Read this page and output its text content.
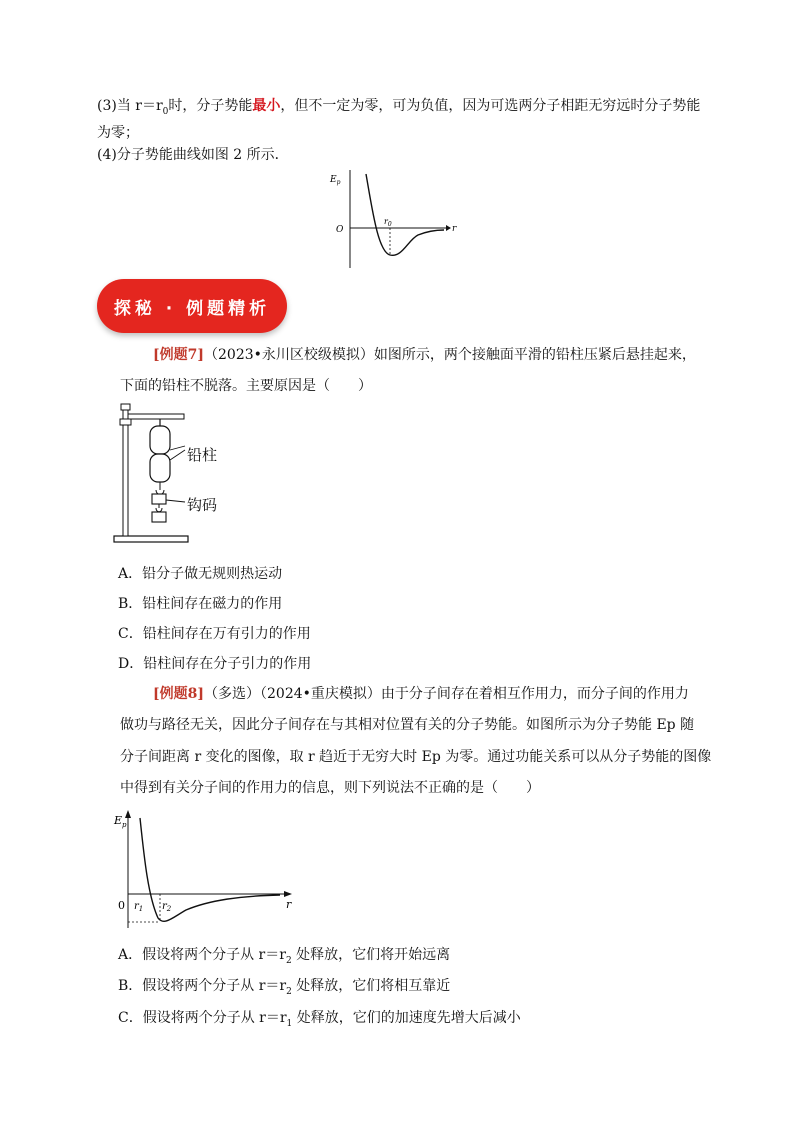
(3)当 $r=r_0$时，分子势能最小，但不一定为零，可为负值，因为可选两分子相距无穷远时分子势能
为零；
(4)分子势能曲线如图 2 所示．
$E_p$
O
$r_0$	r
探秘 · 例题精析
[例题7]（2023•永川区校级模拟）如图所示，两个接触面平滑的铅柱压紧后悬挂起来，
下面的铅柱不脱落。主要原因是（　　）
铅柱
钩码
A．铅分子做无规则热运动
B．铅柱间存在磁力的作用
C．铅柱间存在万有引力的作用
D．铅柱间存在分子引力的作用
[例题8]（多选）（2024•重庆模拟）由于分子间存在着相互作用力，而分子间的作用力
做功与路径无关，因此分子间存在与其相对位置有关的分子势能。如图所示为分子势能 Ep 随
分子间距离 r 变化的图像，取 r 趋近于无穷大时 Ep 为零。通过功能关系可以从分子势能的图像
中得到有关分子间的作用力的信息，则下列说法不正确的是（　　）
$E_p$
0 $r_1$ $r_2$	r
A．假设将两个分子从 $r=r_2$ 处释放，它们将开始远离
B．假设将两个分子从 $r=r_2$ 处释放，它们将相互靠近
C．假设将两个分子从 $r=r_1$ 处释放，它们的加速度先增大后减小
